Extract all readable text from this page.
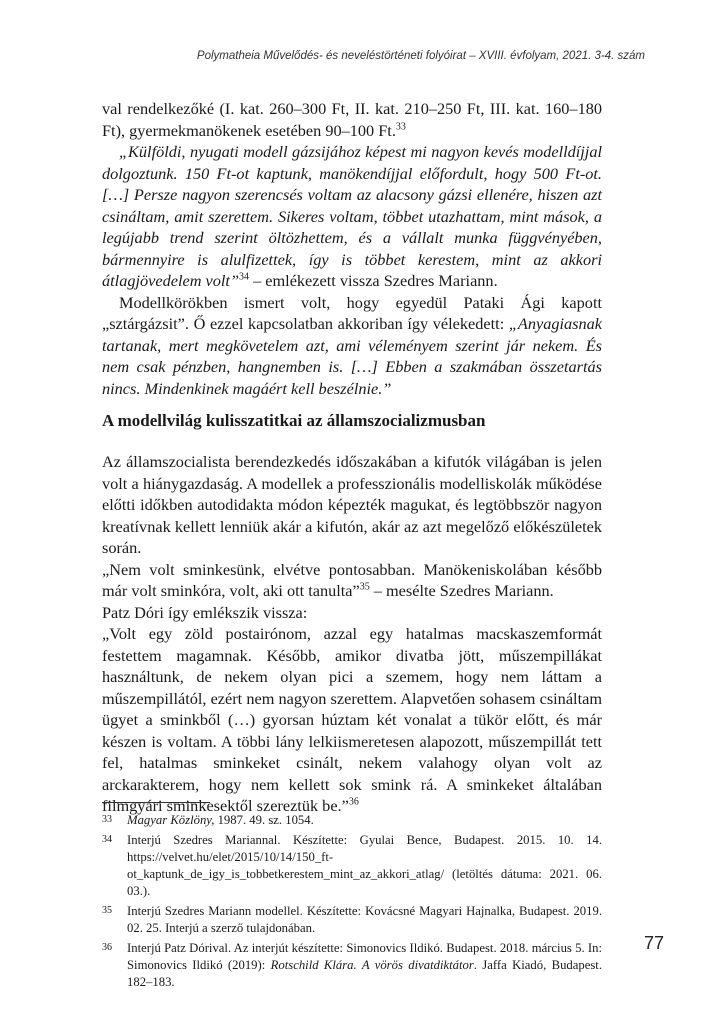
Polymatheia Művelődés- és neveléstörténeti folyóirat – XVIII. évfolyam, 2021. 3-4. szám

val rendelkezőké (I. kat. 260–300 Ft, II. kat. 210–250 Ft, III. kat. 160–180 Ft), gyermekmanökenek esetében 90–100 Ft.$^{33}$

„Külföldi, nyugati modell gázsijához képest mi nagyon kevés modelldíjjal dolgoztunk. 150 Ft-ot kaptunk, manökendíjjal előfordult, hogy 500 Ft-ot. […] Persze nagyon szerencsés voltam az alacsony gázsi ellenére, hiszen azt csináltam, amit szerettem. Sikeres voltam, többet utazhattam, mint mások, a legújabb trend szerint öltözhettem, és a vállalt munka függvényében, bármennyire is alulfizettek, így is többet kerestem, mint az akkori átlagjövedelem volt”$^{34}$ – emlékezett vissza Szedres Mariann.

Modellkörökben ismert volt, hogy egyedül Pataki Ági kapott „sztárgázsit”. Ő ezzel kapcsolatban akkoriban így vélekedett: „Anyagiasnak tartanak, mert megkövetelem azt, ami véleményem szerint jár nekem. És nem csak pénzben, hangnemben is. […] Ebben a szakmában összetartás nincs. Mindenkinek magáért kell beszélnie.”

A modellvilág kulisszatitkai az államszocializmusban

Az államszocialista berendezkedés időszakában a kifutók világában is jelen volt a hiánygazdaság. A modellek a professzionális modelliskolák működése előtti időkben autodidakta módon képezték magukat, és legtöbbször nagyon kreatívnak kellett lenniük akár a kifutón, akár az azt megelőző előkészületek során.

„Nem volt sminkesünk, elvétve pontosabban. Manökeniskolában később már volt sminkóra, volt, aki ott tanulta”$^{35}$ – mesélte Szedres Mariann.

Patz Dóri így emlékszik vissza:

„Volt egy zöld postairónom, azzal egy hatalmas macskaszemformát festettem magamnak. Később, amikor divatba jött, műszempillákat használtunk, de nekem olyan pici a szemem, hogy nem láttam a műszempillától, ezért nem nagyon szerettem. Alapvetően sohasem csináltam ügyet a sminkből (…) gyorsan húztam két vonalat a tükör előtt, és már készen is voltam. A többi lány lelkiismeretesen alapozott, műszempillát tett fel, hatalmas sminkeket csinált, nekem valahogy olyan volt az arckarakterem, hogy nem kellett sok smink rá. A sminkeket általában filmgyári sminkesektől szereztük be.”$^{36}$

33	Magyar Közlöny, 1987. 49. sz. 1054.
34	Interjú Szedres Mariannal. Készítette: Gyulai Bence, Budapest. 2015. 10. 14. https://velvet.hu/elet/2015/10/14/150_ft-ot_kaptunk_de_igy_is_tobbetkerestem_mint_az_akkori_atlag/ (letöltés dátuma: 2021. 06. 03.).
35	Interjú Szedres Mariann modellel. Készítette: Kovácsné Magyari Hajnalka, Budapest. 2019. 02. 25. Interjú a szerző tulajdonában.
36	Interjú Patz Dórival. Az interjút készítette: Simonovics Ildikó. Budapest. 2018. március 5. In: Simonovics Ildikó (2019): Rotschild Klára. A vörös divatdiktátor. Jaffa Kiadó, Budapest. 182–183.
77
